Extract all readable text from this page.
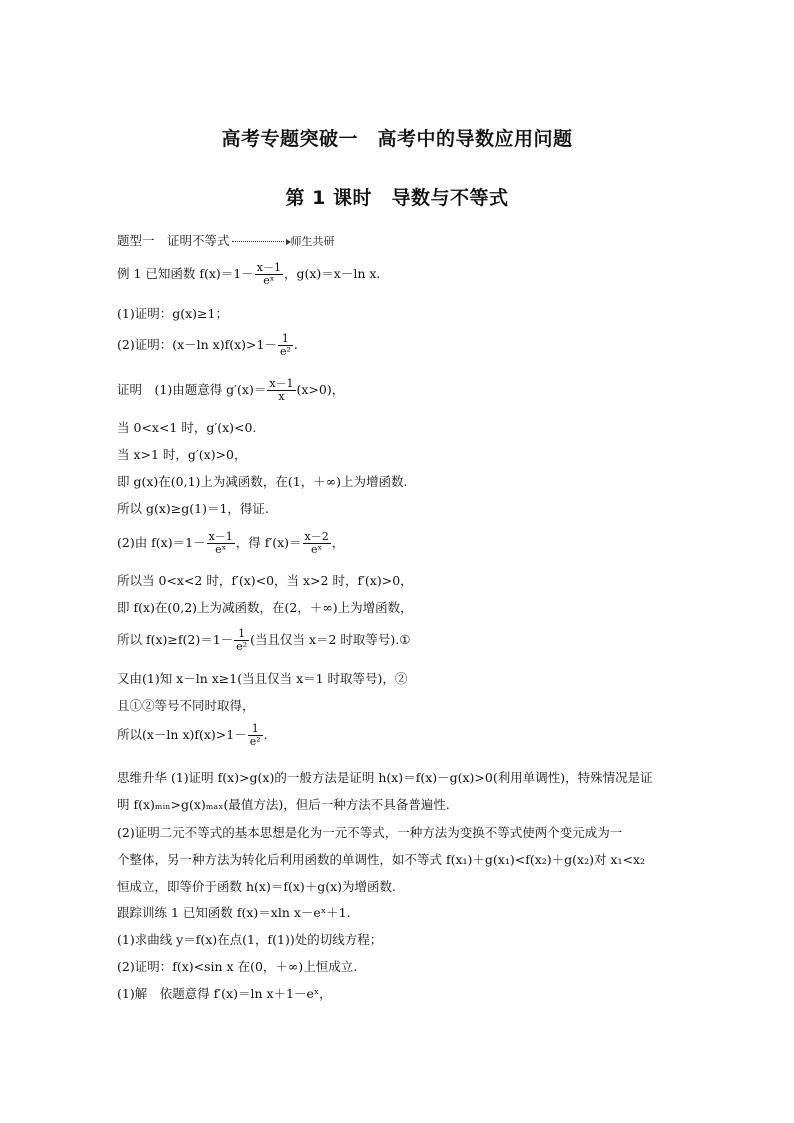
高考专题突破一　高考中的导数应用问题
第 1 课时　导数与不等式
题型一　证明不等式	师生共研
例 1 已知函数 $f(x)=1- \frac{x-1}{\text{eˣ}}$ ，g(x)＝x－ln x.
(1)证明：g(x)≥1；
(2)证明：(x－ln $x)f(x)>1- \frac{1}{\text{e²}}$ .
证明　(1)由题意得 $g'(x)= \frac{x-1}{x} (x>0)$，
当 0<x<1 时，g′(x)<0.
当 x>1 时，g′(x)>0，
即 g(x)在(0,1)上为减函数，在(1，＋∞)上为增函数.
所以 g(x)≥g(1)＝1，得证.
(2)由 $f(x)=1- \frac{x-1}{\text{eˣ}}$ ，得 $f'(x)= \frac{x-2}{\text{eˣ}}$ ，
所以当 0<x<2 时，f′(x)<0，当 x>2 时，f′(x)>0，
即 f(x)在(0,2)上为减函数，在(2，＋∞)上为增函数，
所以 $f(x)\ge f(2)=1- \frac{1}{\text{e²}}$ (当且仅当 x＝2 时取等号).①
又由(1)知 x－ln x≥1(当且仅当 x＝1 时取等号)，②
且①②等号不同时取得，
所以(x－ln $x)f(x)>1- \frac{1}{\text{e²}}$ .
思维升华 (1)证明 f(x)>g(x)的一般方法是证明 h(x)＝f(x)－g(x)>0(利用单调性)，特殊情况是证
明 f(x)ₘᵢₙ>g(x)ₘₐₓ(最值方法)，但后一种方法不具备普遍性.
(2)证明二元不等式的基本思想是化为一元不等式，一种方法为变换不等式使两个变元成为一
个整体，另一种方法为转化后利用函数的单调性，如不等式 f(x₁)＋g(x₁)<f(x₂)＋g(x₂)对 x₁<x₂
恒成立，即等价于函数 h(x)＝f(x)＋g(x)为增函数.
跟踪训练 1 已知函数 f(x)＝xln x－eˣ＋1.
(1)求曲线 y＝f(x)在点(1，f(1))处的切线方程；
(2)证明：f(x)<sin x 在(0，＋∞)上恒成立.
(1)解　依题意得 f′(x)＝ln x＋1－eˣ，
